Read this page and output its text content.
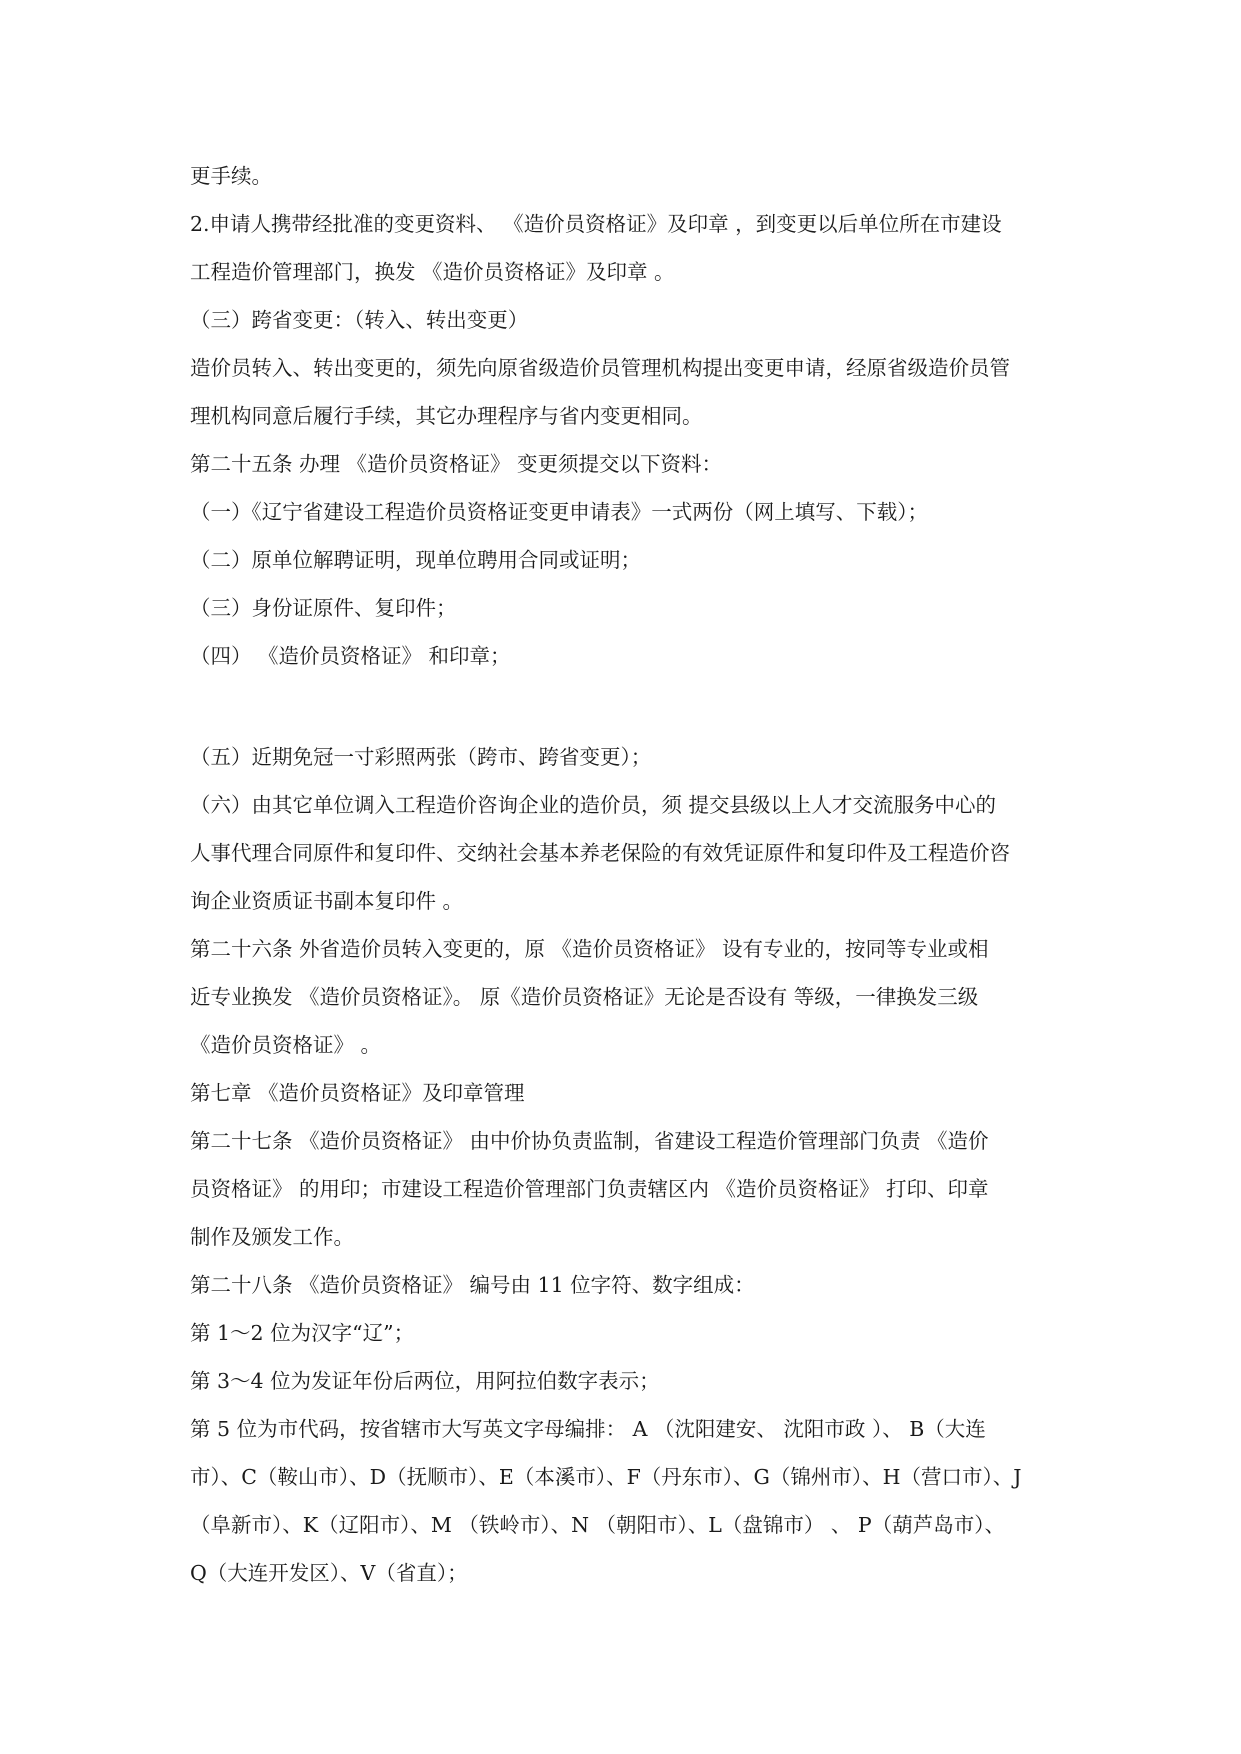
更手续。
2.申请人携带经批准的变更资料、 《造价员资格证》及印章 ，到变更以后单位所在市建设
工程造价管理部门，换发 《造价员资格证》及印章 。
（三）跨省变更：（转入、转出变更）
造价员转入、转出变更的，须先向原省级造价员管理机构提出变更申请，经原省级造价员管
理机构同意后履行手续，其它办理程序与省内变更相同。
第二十五条 办理 《造价员资格证》 变更须提交以下资料：
（一）《辽宁省建设工程造价员资格证变更申请表》一式两份（网上填写、下载）；
（二）原单位解聘证明，现单位聘用合同或证明；
（三）身份证原件、复印件；
（四） 《造价员资格证》 和印章；
（五）近期免冠一寸彩照两张（跨市、跨省变更）；
（六）由其它单位调入工程造价咨询企业的造价员，须 提交县级以上人才交流服务中心的
人事代理合同原件和复印件、交纳社会基本养老保险的有效凭证原件和复印件及工程造价咨
询企业资质证书副本复印件 。
第二十六条 外省造价员转入变更的，原 《造价员资格证》 设有专业的，按同等专业或相
近专业换发 《造价员资格证》。 原《造价员资格证》无论是否设有 等级，一律换发三级
《造价员资格证》 。
第七章 《造价员资格证》及印章管理
第二十七条 《造价员资格证》 由中价协负责监制，省建设工程造价管理部门负责 《造价
员资格证》 的用印；市建设工程造价管理部门负责辖区内 《造价员资格证》 打印、印章
制作及颁发工作。
第二十八条 《造价员资格证》 编号由 11 位字符、数字组成：
第 1～2 位为汉字“辽”；
第 3～4 位为发证年份后两位，用阿拉伯数字表示；
第 5 位为市代码，按省辖市大写英文字母编排： A （沈阳建安、 沈阳市政 ）、 B（大连
市）、C（鞍山市）、D（抚顺市）、E（本溪市）、F（丹东市）、G（锦州市）、H（营口市）、J
（阜新市）、K（辽阳市）、M （铁岭市）、N （朝阳市）、L（盘锦市） 、 P（葫芦岛市）、
Q（大连开发区）、V（省直）；
